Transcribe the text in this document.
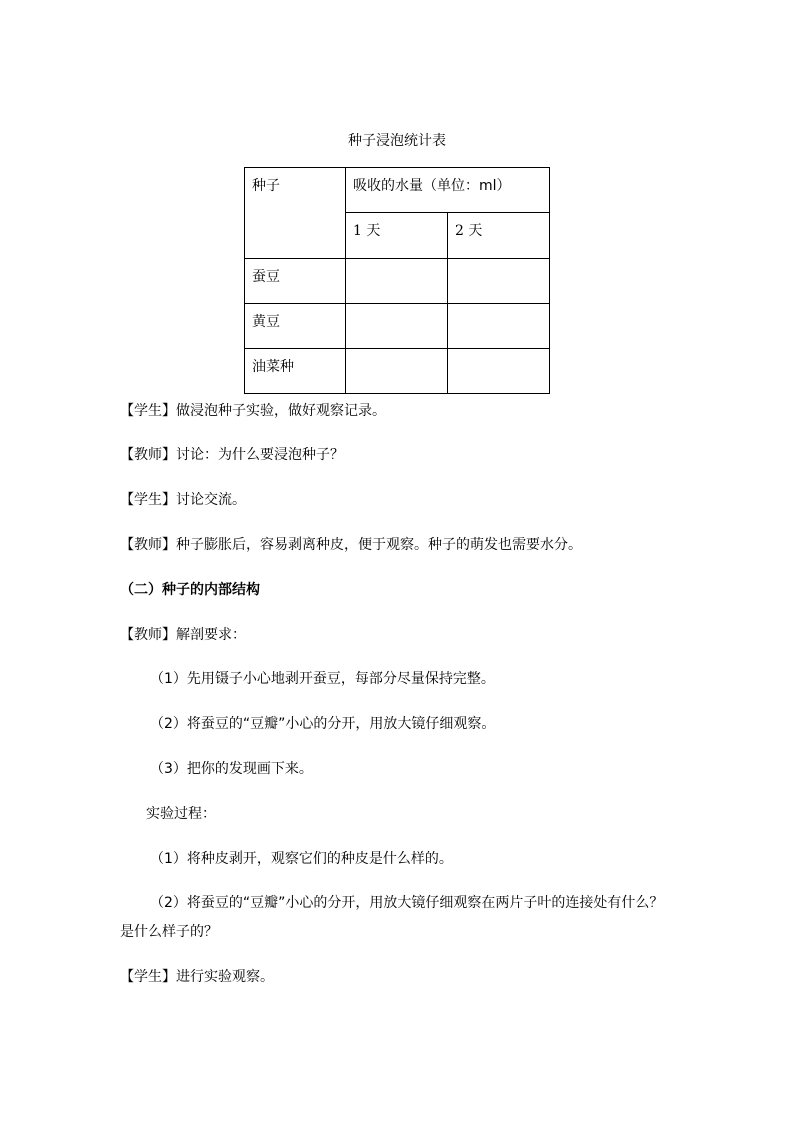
种子浸泡统计表
种子	吸收的水量（单位：ml）	
	1 天	2 天
蚕豆		
黄豆		
油菜种		
【学生】做浸泡种子实验，做好观察记录。
【教师】讨论：为什么要浸泡种子？
【学生】讨论交流。
【教师】种子膨胀后，容易剥离种皮，便于观察。种子的萌发也需要水分。
（二）种子的内部结构
【教师】解剖要求：
（1）先用镊子小心地剥开蚕豆，每部分尽量保持完整。
（2）将蚕豆的“豆瓣”小心的分开，用放大镜仔细观察。
（3）把你的发现画下来。
实验过程：
（1）将种皮剥开，观察它们的种皮是什么样的。
（2）将蚕豆的“豆瓣”小心的分开，用放大镜仔细观察在两片子叶的连接处有什么？
是什么样子的？
【学生】进行实验观察。
